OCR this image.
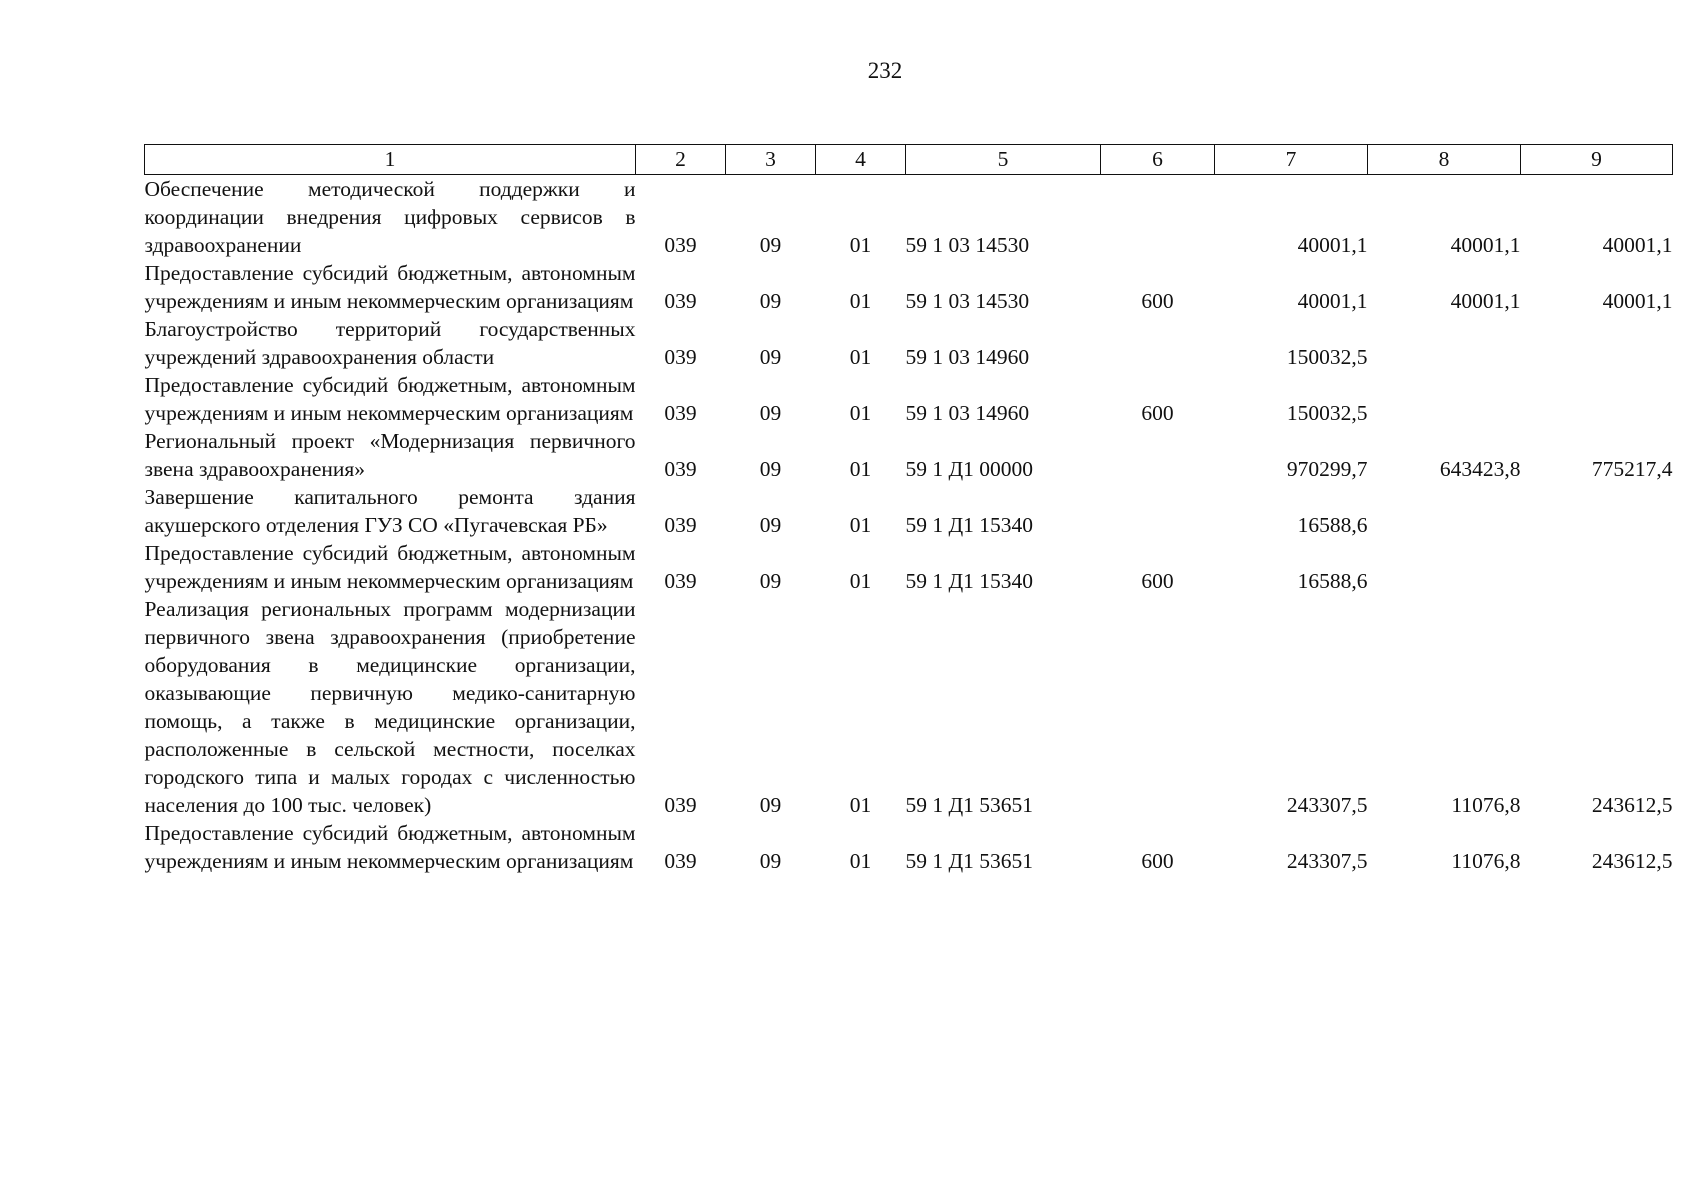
232
1	2	3	4	5	6	7	8	9
Обеспечение методической поддержки и координации внедрения цифровых сервисов в здравоохранении	039	09	01	59 1 03 14530		40001,1	40001,1	40001,1
Предоставление субсидий бюджетным, автономным учреждениям и иным некоммерческим организациям	039	09	01	59 1 03 14530	600	40001,1	40001,1	40001,1
Благоустройство территорий государственных учреждений здравоохранения области	039	09	01	59 1 03 14960		150032,5		
Предоставление субсидий бюджетным, автономным учреждениям и иным некоммерческим организациям	039	09	01	59 1 03 14960	600	150032,5		
Региональный проект «Модернизация первичного звена здравоохранения»	039	09	01	59 1 Д1 00000		970299,7	643423,8	775217,4
Завершение капитального ремонта здания акушерского отделения ГУЗ СО «Пугачевская РБ»	039	09	01	59 1 Д1 15340		16588,6		
Предоставление субсидий бюджетным, автономным учреждениям и иным некоммерческим организациям	039	09	01	59 1 Д1 15340	600	16588,6		
Реализация региональных программ модернизации первичного звена здравоохранения (приобретение оборудования в медицинские организации, оказывающие первичную медико-санитарную помощь, а также в медицинские организации, расположенные в сельской местности, поселках городского типа и малых городах с численностью населения до 100 тыс. человек)	039	09	01	59 1 Д1 53651		243307,5	11076,8	243612,5
Предоставление субсидий бюджетным, автономным учреждениям и иным некоммерческим организациям	039	09	01	59 1 Д1 53651	600	243307,5	11076,8	243612,5
